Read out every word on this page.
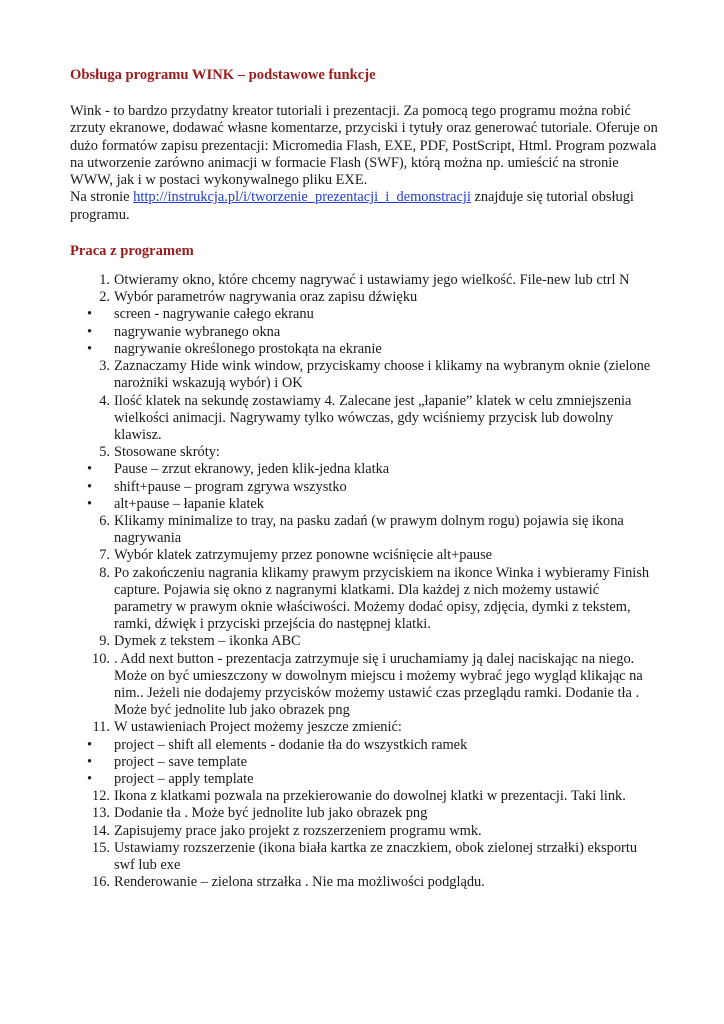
Obsługa programu WINK – podstawowe funkcje

Wink - to bardzo przydatny kreator tutoriali i prezentacji. Za pomocą tego programu można robić zrzuty ekranowe, dodawać własne komentarze, przyciski i tytuły oraz generować tutoriale. Oferuje on dużo formatów zapisu prezentacji: Micromedia Flash, EXE, PDF, PostScript, Html. Program pozwala na utworzenie zarówno animacji w formacie Flash (SWF), którą można np. umieścić na stronie WWW, jak i w postaci wykonywalnego pliku EXE.
Na stronie http://instrukcja.pl/i/tworzenie_prezentacji_i_demonstracji znajduje się tutorial obsługi programu.

Praca z programem
1. Otwieramy okno, które chcemy nagrywać i ustawiamy jego wielkość. File-new lub ctrl N
2. Wybór parametrów nagrywania oraz zapisu dźwięku
•	screen - nagrywanie całego ekranu
•	nagrywanie wybranego okna
•	nagrywanie określonego prostokąta na ekranie
3. Zaznaczamy Hide wink window, przyciskamy choose i klikamy na wybranym oknie (zielone narożniki wskazują wybór) i OK
4. Ilość klatek na sekundę zostawiamy 4. Zalecane jest „łapanie” klatek w celu zmniejszenia wielkości animacji. Nagrywamy tylko wówczas, gdy wciśniemy przycisk lub dowolny klawisz.
5. Stosowane skróty:
•	Pause – zrzut ekranowy, jeden klik-jedna klatka
•	shift+pause – program zgrywa wszystko
•	alt+pause – łapanie klatek
6. Klikamy minimalize to tray, na pasku zadań (w prawym dolnym rogu) pojawia się ikona nagrywania
7. Wybór klatek zatrzymujemy przez ponowne wciśnięcie alt+pause
8. Po zakończeniu nagrania klikamy prawym przyciskiem na ikonce Winka i wybieramy Finish capture. Pojawia się okno z nagranymi klatkami. Dla każdej z nich możemy ustawić parametry w prawym oknie właściwości. Możemy dodać opisy, zdjęcia, dymki z tekstem, ramki, dźwięk i przyciski przejścia do następnej klatki.
9. Dymek z tekstem – ikonka ABC
10. . Add next button - prezentacja zatrzymuje się i uruchamiamy ją dalej naciskając na niego. Może on być umieszczony w dowolnym miejscu i możemy wybrać jego wygląd klikając na nim.. Jeżeli nie dodajemy przycisków możemy ustawić czas przeglądu ramki. Dodanie tła . Może być jednolite lub jako obrazek png
11. W ustawieniach Project możemy jeszcze zmienić:
•	project – shift all elements - dodanie tła do wszystkich ramek
•	project – save template
•	project – apply template
12. Ikona z klatkami pozwala na przekierowanie do dowolnej klatki w prezentacji. Taki link.
13. Dodanie tła . Może być jednolite lub jako obrazek png
14. Zapisujemy prace jako projekt z rozszerzeniem programu wmk.
15. Ustawiamy rozszerzenie (ikona biała kartka ze znaczkiem, obok zielonej strzałki) eksportu swf lub exe
16. Renderowanie – zielona strzałka . Nie ma możliwości podglądu.
